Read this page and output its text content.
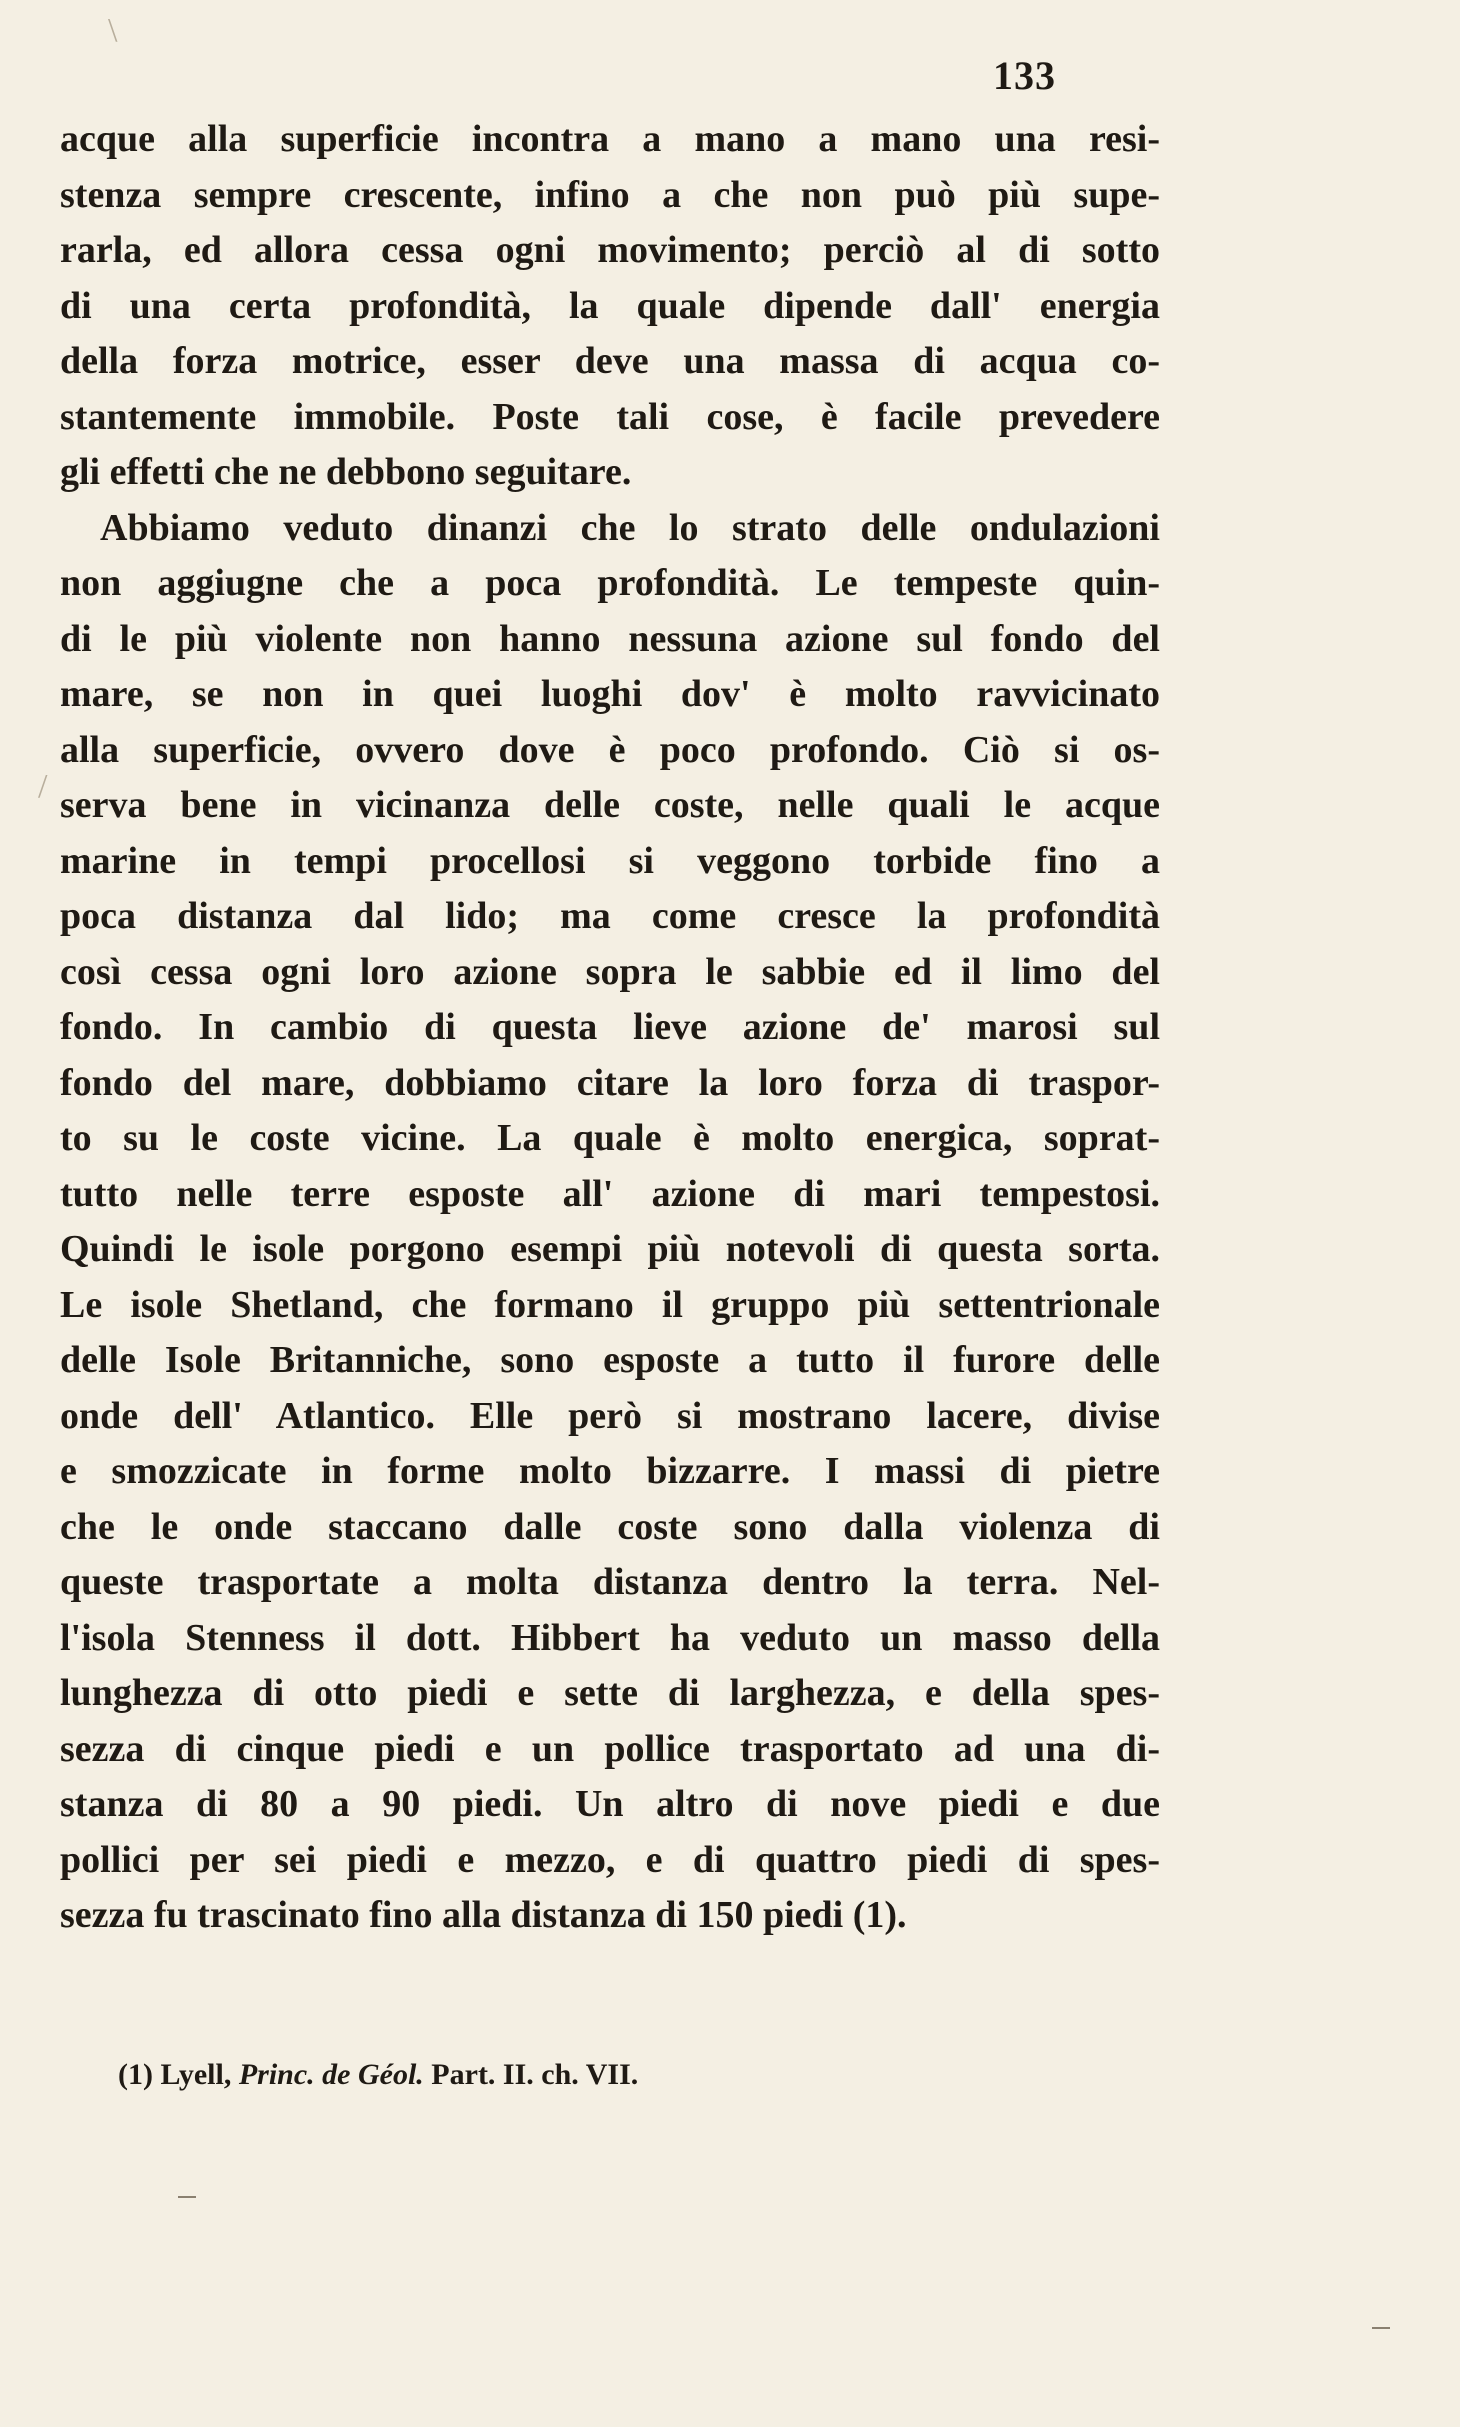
\
/
133
acque alla superficie incontra a mano a mano una resi-
stenza sempre crescente, infino a che non può più supe-
rarla, ed allora cessa ogni movimento; perciò al di sotto
di una certa profondità, la quale dipende dall' energia
della forza motrice, esser deve una massa di acqua co-
stantemente immobile. Poste tali cose, è facile prevedere
gli effetti che ne debbono seguitare.
Abbiamo veduto dinanzi che lo strato delle ondulazioni
non aggiugne che a poca profondità. Le tempeste quin-
di le più violente non hanno nessuna azione sul fondo del
mare, se non in quei luoghi dov' è molto ravvicinato
alla superficie, ovvero dove è poco profondo. Ciò si os-
serva bene in vicinanza delle coste, nelle quali le acque
marine in tempi procellosi si veggono torbide fino a
poca distanza dal lido; ma come cresce la profondità
così cessa ogni loro azione sopra le sabbie ed il limo del
fondo. In cambio di questa lieve azione de' marosi sul
fondo del mare, dobbiamo citare la loro forza di traspor-
to su le coste vicine. La quale è molto energica, soprat-
tutto nelle terre esposte all' azione di mari tempestosi.
Quindi le isole porgono esempi più notevoli di questa sorta.
Le isole Shetland, che formano il gruppo più settentrionale
delle Isole Britanniche, sono esposte a tutto il furore delle
onde dell' Atlantico. Elle però si mostrano lacere, divise
e smozzicate in forme molto bizzarre. I massi di pietre
che le onde staccano dalle coste sono dalla violenza di
queste trasportate a molta distanza dentro la terra. Nel-
l'isola Stenness il dott. Hibbert ha veduto un masso della
lunghezza di otto piedi e sette di larghezza, e della spes-
sezza di cinque piedi e un pollice trasportato ad una di-
stanza di 80 a 90 piedi. Un altro di nove piedi e due
pollici per sei piedi e mezzo, e di quattro piedi di spes-
sezza fu trascinato fino alla distanza di 150 piedi (1).
(1) Lyell, Princ. de Géol. Part. II. ch. VII.
